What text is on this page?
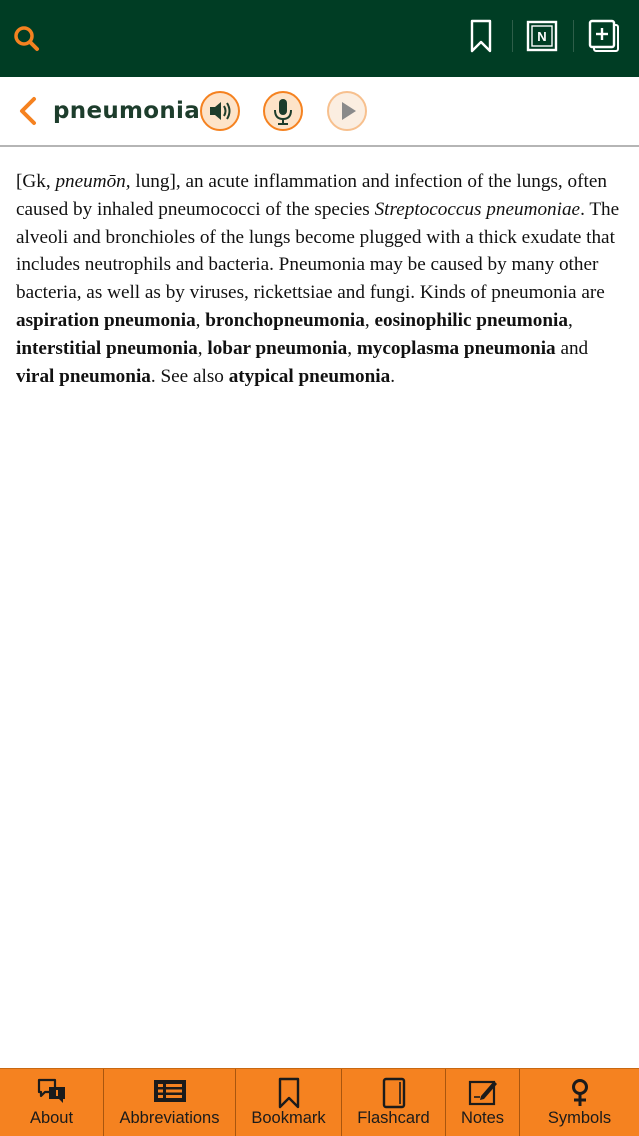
N
pneumonia

[Gk, pneumōn, lung], an acute inflammation and infection of the lungs, often caused by inhaled pneumococci of the species Streptococcus pneumoniae. The alveoli and bronchioles of the lungs become plugged with a thick exudate that includes neutrophils and bacteria. Pneumonia may be caused by many other bacteria, as well as by viruses, rickettsiae and fungi. Kinds of pneumonia are aspiration pneumonia, bronchopneumonia, eosinophilic pneumonia, interstitial pneumonia, lobar pneumonia, mycoplasma pneumonia and viral pneumonia. See also atypical pneumonia.

About	Abbreviations	Bookmark	Flashcard	Notes	Symbols
